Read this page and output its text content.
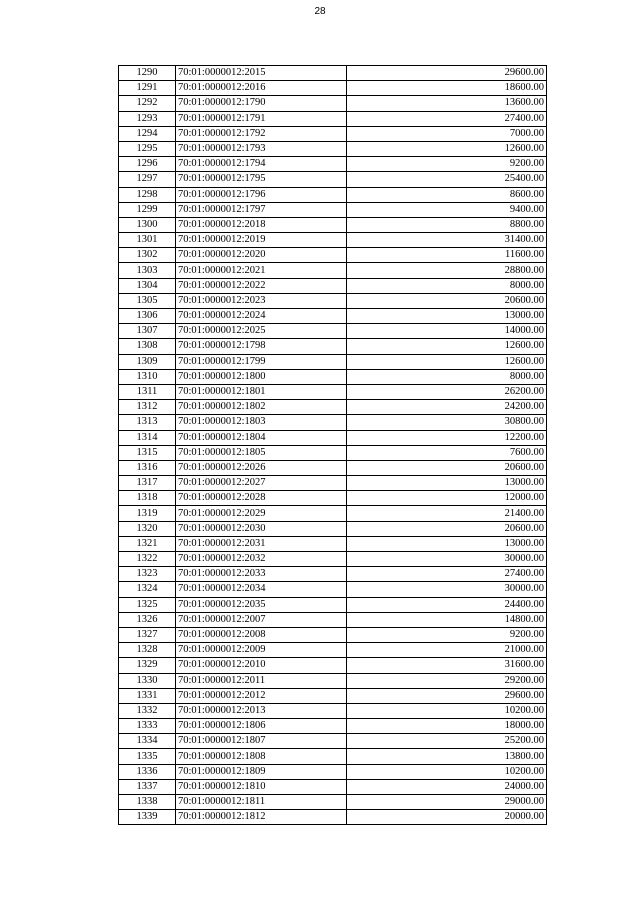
28
1290	70:01:0000012:2015	29600.00
1291	70:01:0000012:2016	18600.00
1292	70:01:0000012:1790	13600.00
1293	70:01:0000012:1791	27400.00
1294	70:01:0000012:1792	7000.00
1295	70:01:0000012:1793	12600.00
1296	70:01:0000012:1794	9200.00
1297	70:01:0000012:1795	25400.00
1298	70:01:0000012:1796	8600.00
1299	70:01:0000012:1797	9400.00
1300	70:01:0000012:2018	8800.00
1301	70:01:0000012:2019	31400.00
1302	70:01:0000012:2020	11600.00
1303	70:01:0000012:2021	28800.00
1304	70:01:0000012:2022	8000.00
1305	70:01:0000012:2023	20600.00
1306	70:01:0000012:2024	13000.00
1307	70:01:0000012:2025	14000.00
1308	70:01:0000012:1798	12600.00
1309	70:01:0000012:1799	12600.00
1310	70:01:0000012:1800	8000.00
1311	70:01:0000012:1801	26200.00
1312	70:01:0000012:1802	24200.00
1313	70:01:0000012:1803	30800.00
1314	70:01:0000012:1804	12200.00
1315	70:01:0000012:1805	7600.00
1316	70:01:0000012:2026	20600.00
1317	70:01:0000012:2027	13000.00
1318	70:01:0000012:2028	12000.00
1319	70:01:0000012:2029	21400.00
1320	70:01:0000012:2030	20600.00
1321	70:01:0000012:2031	13000.00
1322	70:01:0000012:2032	30000.00
1323	70:01:0000012:2033	27400.00
1324	70:01:0000012:2034	30000.00
1325	70:01:0000012:2035	24400.00
1326	70:01:0000012:2007	14800.00
1327	70:01:0000012:2008	9200.00
1328	70:01:0000012:2009	21000.00
1329	70:01:0000012:2010	31600.00
1330	70:01:0000012:2011	29200.00
1331	70:01:0000012:2012	29600.00
1332	70:01:0000012:2013	10200.00
1333	70:01:0000012:1806	18000.00
1334	70:01:0000012:1807	25200.00
1335	70:01:0000012:1808	13800.00
1336	70:01:0000012:1809	10200.00
1337	70:01:0000012:1810	24000.00
1338	70:01:0000012:1811	29000.00
1339	70:01:0000012:1812	20000.00
